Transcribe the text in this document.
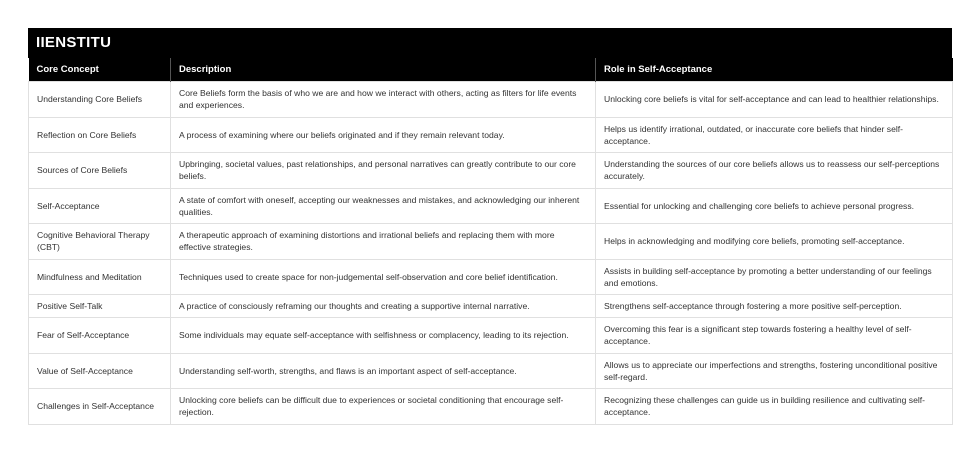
IIENSTITU
Core Concept	Description	Role in Self-Acceptance
Understanding Core Beliefs	Core Beliefs form the basis of who we are and how we interact with others, acting as filters for life events and experiences.	Unlocking core beliefs is vital for self-acceptance and can lead to healthier relationships.
Reflection on Core Beliefs	A process of examining where our beliefs originated and if they remain relevant today.	Helps us identify irrational, outdated, or inaccurate core beliefs that hinder self-acceptance.
Sources of Core Beliefs	Upbringing, societal values, past relationships, and personal narratives can greatly contribute to our core beliefs.	Understanding the sources of our core beliefs allows us to reassess our self-perceptions accurately.
Self-Acceptance	A state of comfort with oneself, accepting our weaknesses and mistakes, and acknowledging our inherent qualities.	Essential for unlocking and challenging core beliefs to achieve personal progress.
Cognitive Behavioral Therapy (CBT)	A therapeutic approach of examining distortions and irrational beliefs and replacing them with more effective strategies.	Helps in acknowledging and modifying core beliefs, promoting self-acceptance.
Mindfulness and Meditation	Techniques used to create space for non-judgemental self-observation and core belief identification.	Assists in building self-acceptance by promoting a better understanding of our feelings and emotions.
Positive Self-Talk	A practice of consciously reframing our thoughts and creating a supportive internal narrative.	Strengthens self-acceptance through fostering a more positive self-perception.
Fear of Self-Acceptance	Some individuals may equate self-acceptance with selfishness or complacency, leading to its rejection.	Overcoming this fear is a significant step towards fostering a healthy level of self-acceptance.
Value of Self-Acceptance	Understanding self-worth, strengths, and flaws is an important aspect of self-acceptance.	Allows us to appreciate our imperfections and strengths, fostering unconditional positive self-regard.
Challenges in Self-Acceptance	Unlocking core beliefs can be difficult due to experiences or societal conditioning that encourage self-rejection.	Recognizing these challenges can guide us in building resilience and cultivating self-acceptance.
